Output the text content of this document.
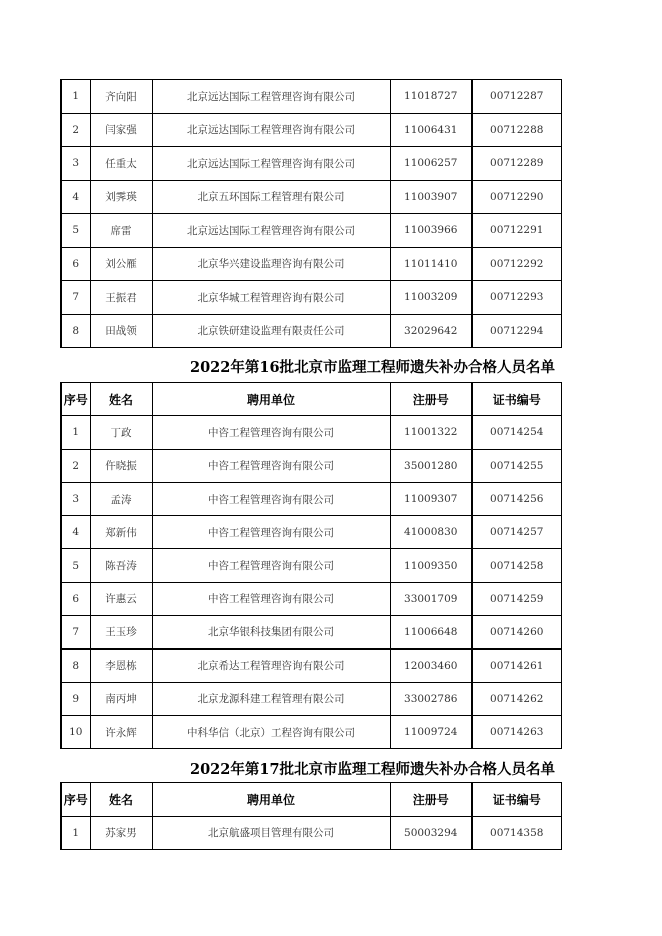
1	齐向阳	北京远达国际工程管理咨询有限公司	11018727	00712287
2	闫家强	北京远达国际工程管理咨询有限公司	11006431	00712288
3	任重太	北京远达国际工程管理咨询有限公司	11006257	00712289
4	刘霁瑛	北京五环国际工程管理有限公司	11003907	00712290
5	席雷	北京远达国际工程管理咨询有限公司	11003966	00712291
6	刘公雁	北京华兴建设监理咨询有限公司	11011410	00712292
7	王振君	北京华城工程管理咨询有限公司	11003209	00712293
8	田战领	北京铁研建设监理有限责任公司	32029642	00712294
2022年第16批北京市监理工程师遗失补办合格人员名单
序号	姓名	聘用单位	注册号	证书编号
1	丁政	中咨工程管理咨询有限公司	11001322	00714254
2	仵晓振	中咨工程管理咨询有限公司	35001280	00714255
3	孟涛	中咨工程管理咨询有限公司	11009307	00714256
4	郑新伟	中咨工程管理咨询有限公司	41000830	00714257
5	陈吾涛	中咨工程管理咨询有限公司	11009350	00714258
6	许惠云	中咨工程管理咨询有限公司	33001709	00714259
7	王玉珍	北京华银科技集团有限公司	11006648	00714260
8	李恩栋	北京希达工程管理咨询有限公司	12003460	00714261
9	南丙坤	北京龙源科建工程管理有限公司	33002786	00714262
10	许永辉	中科华信（北京）工程咨询有限公司	11009724	00714263
2022年第17批北京市监理工程师遗失补办合格人员名单
序号	姓名	聘用单位	注册号	证书编号
1	苏家男	北京航盛项目管理有限公司	50003294	00714358
